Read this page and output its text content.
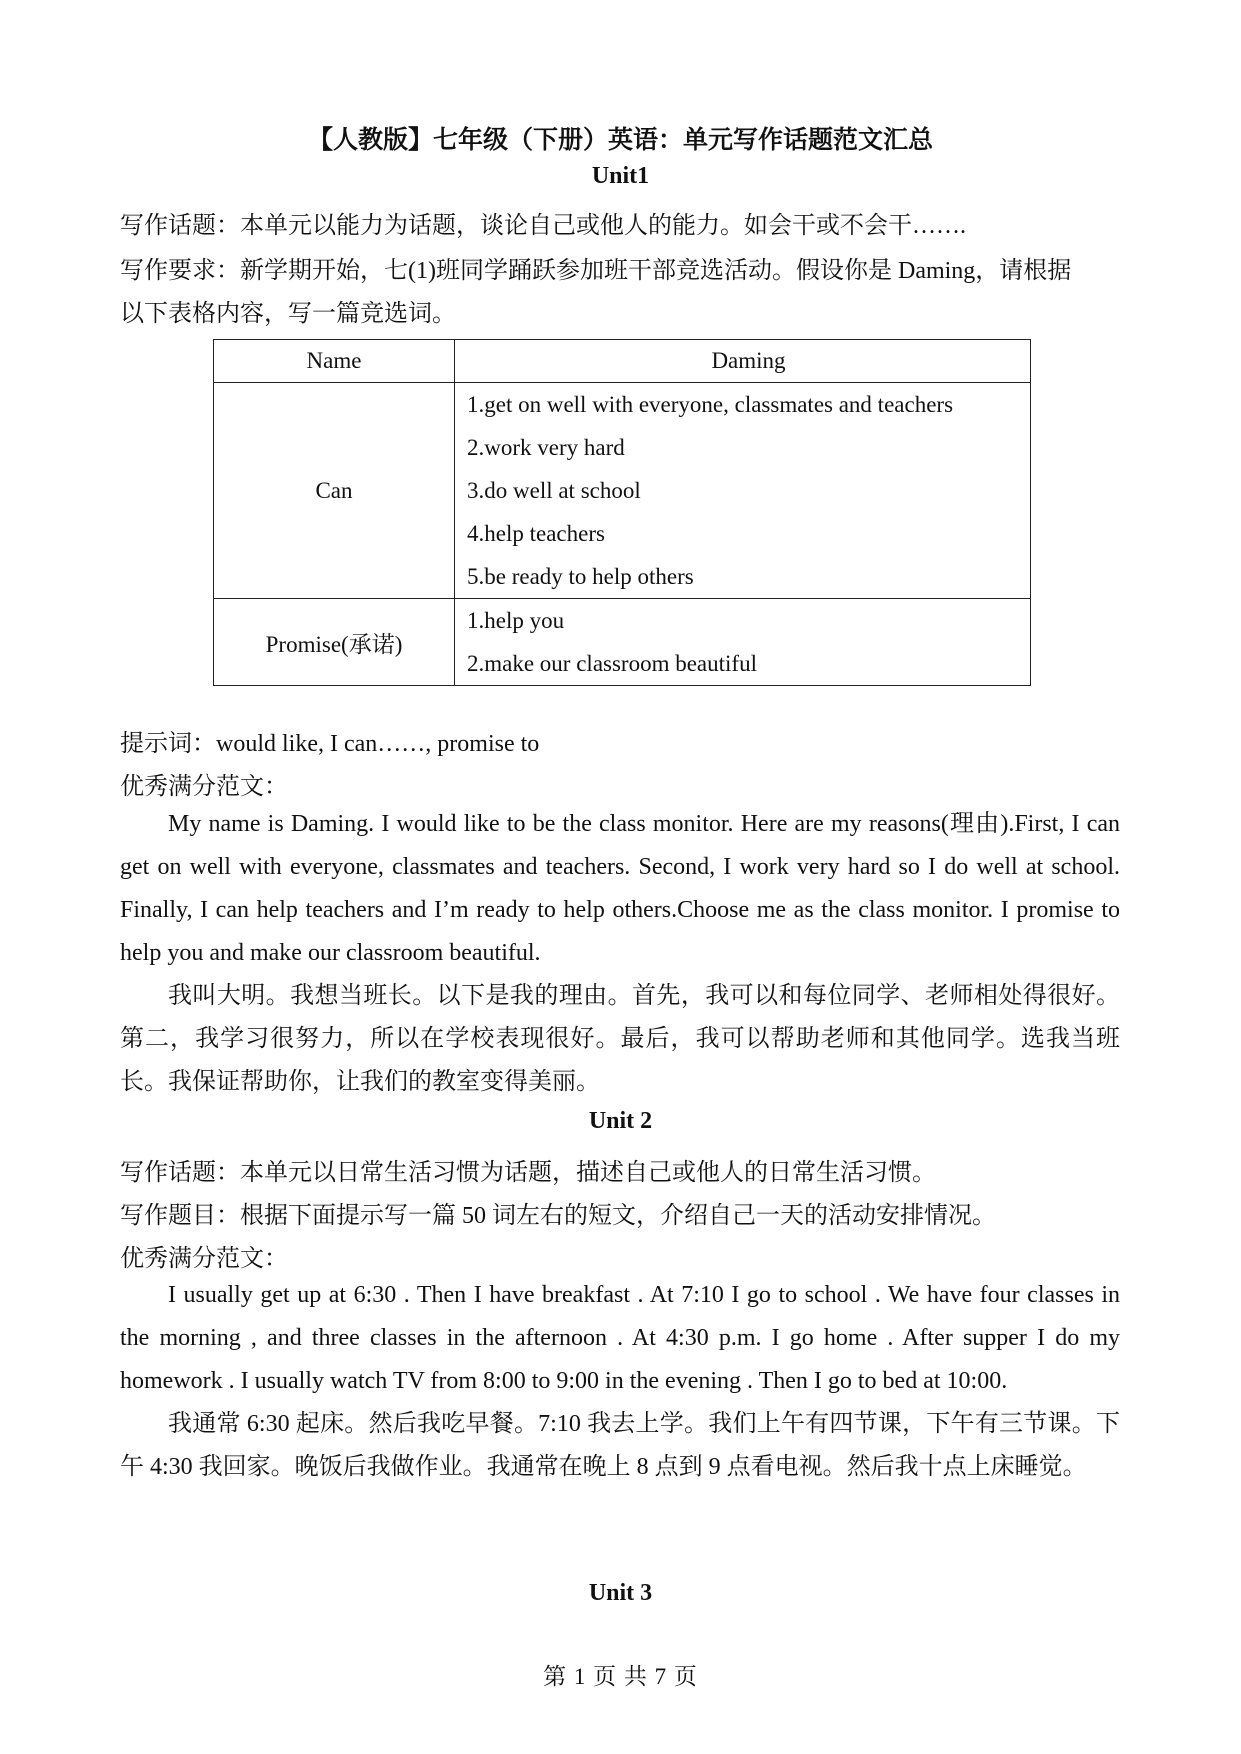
【人教版】七年级（下册）英语：单元写作话题范文汇总
Unit1
写作话题：本单元以能力为话题，谈论自己或他人的能力。如会干或不会干…….
写作要求：新学期开始，七(1)班同学踊跃参加班干部竞选活动。假设你是 Daming，请根据
以下表格内容，写一篇竞选词。
Name	Daming
Can	1.get on well with everyone, classmates and teachers
2.work very hard
3.do well at school
4.help teachers
5.be ready to help others

Promise(承诺)	1.help you
2.make our classroom beautiful
提示词：would like, I can……, promise to
优秀满分范文：
My name is Daming. I would like to be the class monitor. Here are my reasons(理由).First, I can get on well with everyone, classmates and teachers. Second, I work very hard so I do well at school. Finally, I can help teachers and I’m ready to help others.Choose me as the class monitor. I promise to help you and make our classroom beautiful.
我叫大明。我想当班长。以下是我的理由。首先，我可以和每位同学、老师相处得很好。第二，我学习很努力，所以在学校表现很好。最后，我可以帮助老师和其他同学。选我当班长。我保证帮助你，让我们的教室变得美丽。
Unit 2
写作话题：本单元以日常生活习惯为话题，描述自己或他人的日常生活习惯。
写作题目：根据下面提示写一篇 50 词左右的短文，介绍自己一天的活动安排情况。
优秀满分范文：
I usually get up at 6:30 . Then I have breakfast . At 7:10 I go to school . We have four classes in the morning , and three classes in the afternoon . At 4:30 p.m. I go home . After supper I do my homework . I usually watch TV from 8:00 to 9:00 in the evening . Then I go to bed at 10:00.
我通常 6:30 起床。然后我吃早餐。7:10 我去上学。我们上午有四节课，下午有三节课。下午 4:30 我回家。晚饭后我做作业。我通常在晚上 8 点到 9 点看电视。然后我十点上床睡觉。
Unit 3
第 1 页 共 7 页
